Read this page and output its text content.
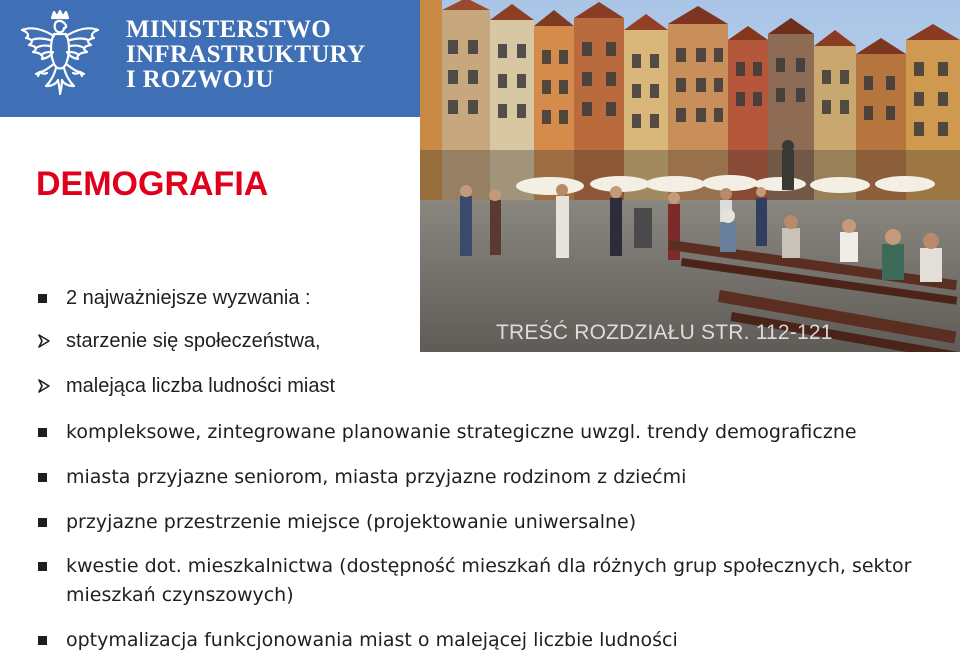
MINISTERSTWO
INFRASTRUKTURY
I ROZWOJU
TREŚĆ ROZDZIAŁU STR. 112-121
DEMOGRAFIA
2 najważniejsze wyzwania :
starzenie się społeczeństwa,
malejąca liczba ludności miast
kompleksowe, zintegrowane planowanie strategiczne uwzgl. trendy demograficzne
miasta przyjazne seniorom, miasta przyjazne rodzinom z dziećmi
przyjazne przestrzenie miejsce (projektowanie uniwersalne)
kwestie dot. mieszkalnictwa (dostępność mieszkań dla różnych grup społecznych, sektor
mieszkań czynszowych)
optymalizacja funkcjonowania miast o malejącej liczbie ludności
